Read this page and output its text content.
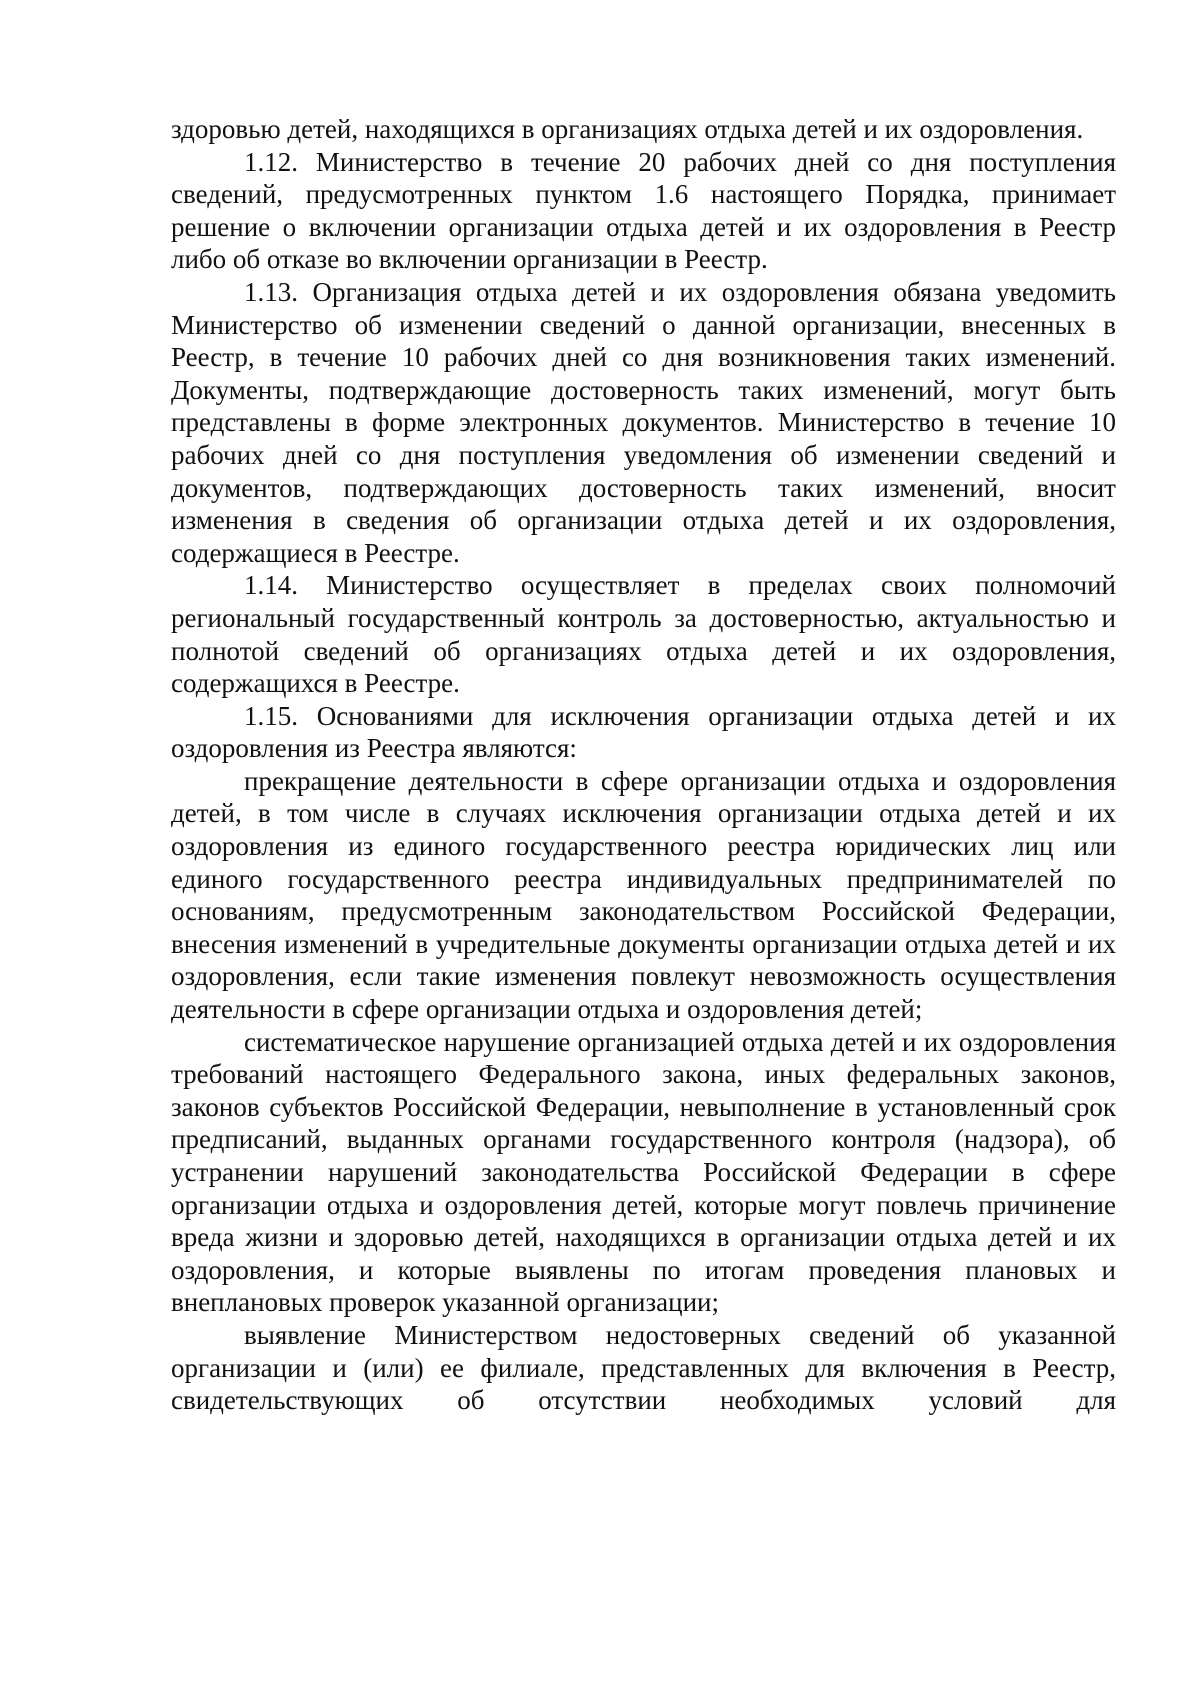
здоровью детей, находящихся в организациях отдыха детей и их оздоровления.

1.12. Министерство в течение 20 рабочих дней со дня поступления сведений, предусмотренных пунктом 1.6 настоящего Порядка, принимает решение о включении организации отдыха детей и их оздоровления в Реестр либо об отказе во включении организации в Реестр.

1.13. Организация отдыха детей и их оздоровления обязана уведомить Министерство об изменении сведений о данной организации, внесенных в Реестр, в течение 10 рабочих дней со дня возникновения таких изменений. Документы, подтверждающие достоверность таких изменений, могут быть представлены в форме электронных документов. Министерство в течение 10 рабочих дней со дня поступления уведомления об изменении сведений и документов, подтверждающих достоверность таких изменений, вносит изменения в сведения об организации отдыха детей и их оздоровления, содержащиеся в Реестре.

1.14. Министерство осуществляет в пределах своих полномочий региональный государственный контроль за достоверностью, актуальностью и полнотой сведений об организациях отдыха детей и их оздоровления, содержащихся в Реестре.

1.15. Основаниями для исключения организации отдыха детей и их оздоровления из Реестра являются:

прекращение деятельности в сфере организации отдыха и оздоровления детей, в том числе в случаях исключения организации отдыха детей и их оздоровления из единого государственного реестра юридических лиц или единого государственного реестра индивидуальных предпринимателей по основаниям, предусмотренным законодательством Российской Федерации, внесения изменений в учредительные документы организации отдыха детей и их оздоровления, если такие изменения повлекут невозможность осуществления деятельности в сфере организации отдыха и оздоровления детей;

систематическое нарушение организацией отдыха детей и их оздоровления требований настоящего Федерального закона, иных федеральных законов, законов субъектов Российской Федерации, невыполнение в установленный срок предписаний, выданных органами государственного контроля (надзора), об устранении нарушений законодательства Российской Федерации в сфере организации отдыха и оздоровления детей, которые могут повлечь причинение вреда жизни и здоровью детей, находящихся в организации отдыха детей и их оздоровления, и которые выявлены по итогам проведения плановых и внеплановых проверок указанной организации;

выявление Министерством недостоверных сведений об указанной организации и (или) ее филиале, представленных для включения в Реестр, свидетельствующих об отсутствии необходимых условий для
